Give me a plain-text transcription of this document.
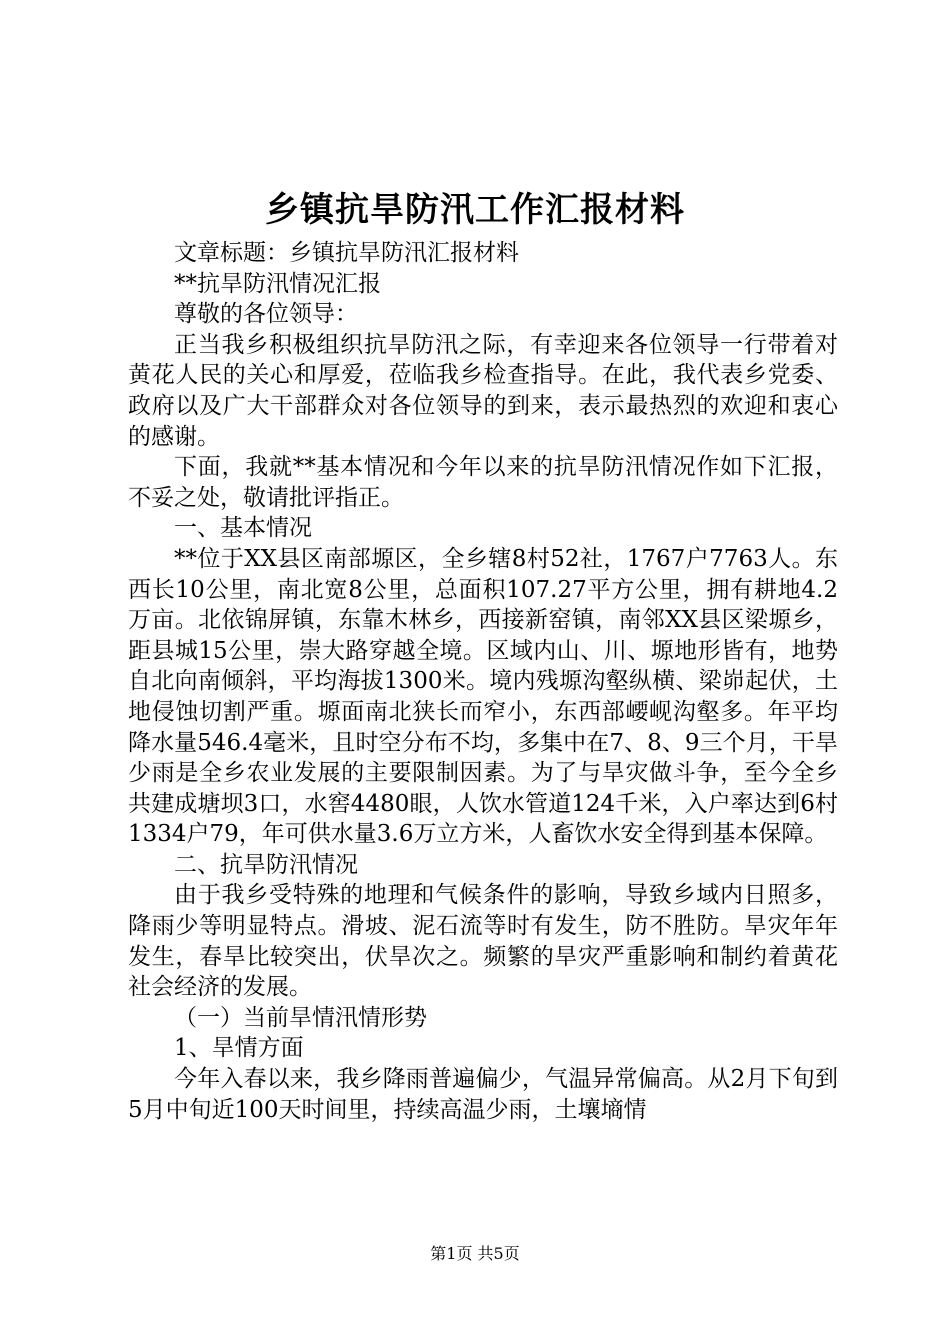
乡镇抗旱防汛工作汇报材料

文章标题：乡镇抗旱防汛汇报材料

**抗旱防汛情况汇报

尊敬的各位领导：

正当我乡积极组织抗旱防汛之际，有幸迎来各位领导一行带着对黄花人民的关心和厚爱，莅临我乡检查指导。在此，我代表乡党委、政府以及广大干部群众对各位领导的到来，表示最热烈的欢迎和衷心的感谢。

下面，我就**基本情况和今年以来的抗旱防汛情况作如下汇报，不妥之处，敬请批评指正。

一、基本情况

**位于XX县区南部塬区，全乡辖8村52社，1767户7763人。东西长10公里，南北宽8公里，总面积107.27平方公里，拥有耕地4.2万亩。北依锦屏镇，东靠木林乡，西接新窑镇，南邻XX县区梁塬乡，距县城15公里，崇大路穿越全境。区域内山、川、塬地形皆有，地势自北向南倾斜，平均海拔1300米。境内残塬沟壑纵横、梁峁起伏，土地侵蚀切割严重。塬面南北狭长而窄小，东西部崾岘沟壑多。年平均降水量546.4毫米，且时空分布不均，多集中在7、8、9三个月，干旱少雨是全乡农业发展的主要限制因素。为了与旱灾做斗争，至今全乡共建成塘坝3口，水窖4480眼，人饮水管道124千米，入户率达到6村1334户79，年可供水量3.6万立方米，人畜饮水安全得到基本保障。

二、抗旱防汛情况

由于我乡受特殊的地理和气候条件的影响，导致乡域内日照多，降雨少等明显特点。滑坡、泥石流等时有发生，防不胜防。旱灾年年发生，春旱比较突出，伏旱次之。频繁的旱灾严重影响和制约着黄花社会经济的发展。

（一）当前旱情汛情形势

1、旱情方面

今年入春以来，我乡降雨普遍偏少，气温异常偏高。从2月下旬到5月中旬近100天时间里，持续高温少雨，土壤墒情

第1页 共5页
